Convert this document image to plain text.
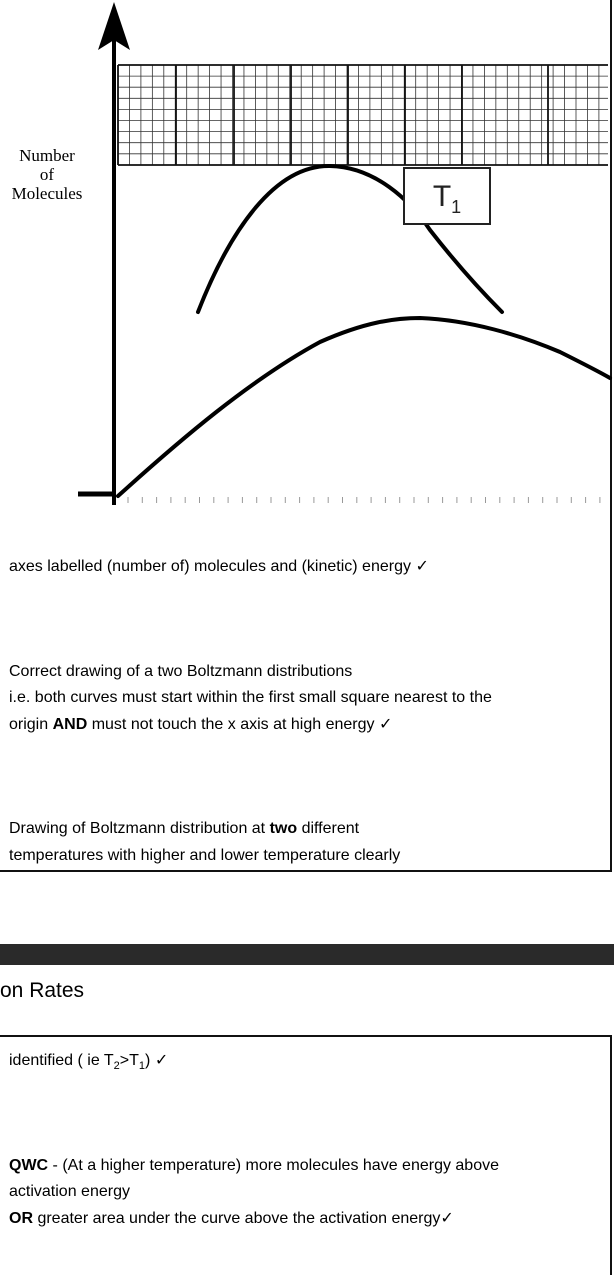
Number
of
Molecules	$T_1$
axes labelled (number of) molecules and (kinetic) energy ✓
Correct drawing of a two Boltzmann distributions
i.e. both curves must start within the first small square nearest to the
origin AND must not touch the x axis at high energy ✓
Drawing of Boltzmann distribution at two different
temperatures with higher and lower temperature clearly
on Rates
identified ( ie $T_2>T_1$) ✓
QWC - (At a higher temperature) more molecules have energy above
activation energy
OR greater area under the curve above the activation energy✓
